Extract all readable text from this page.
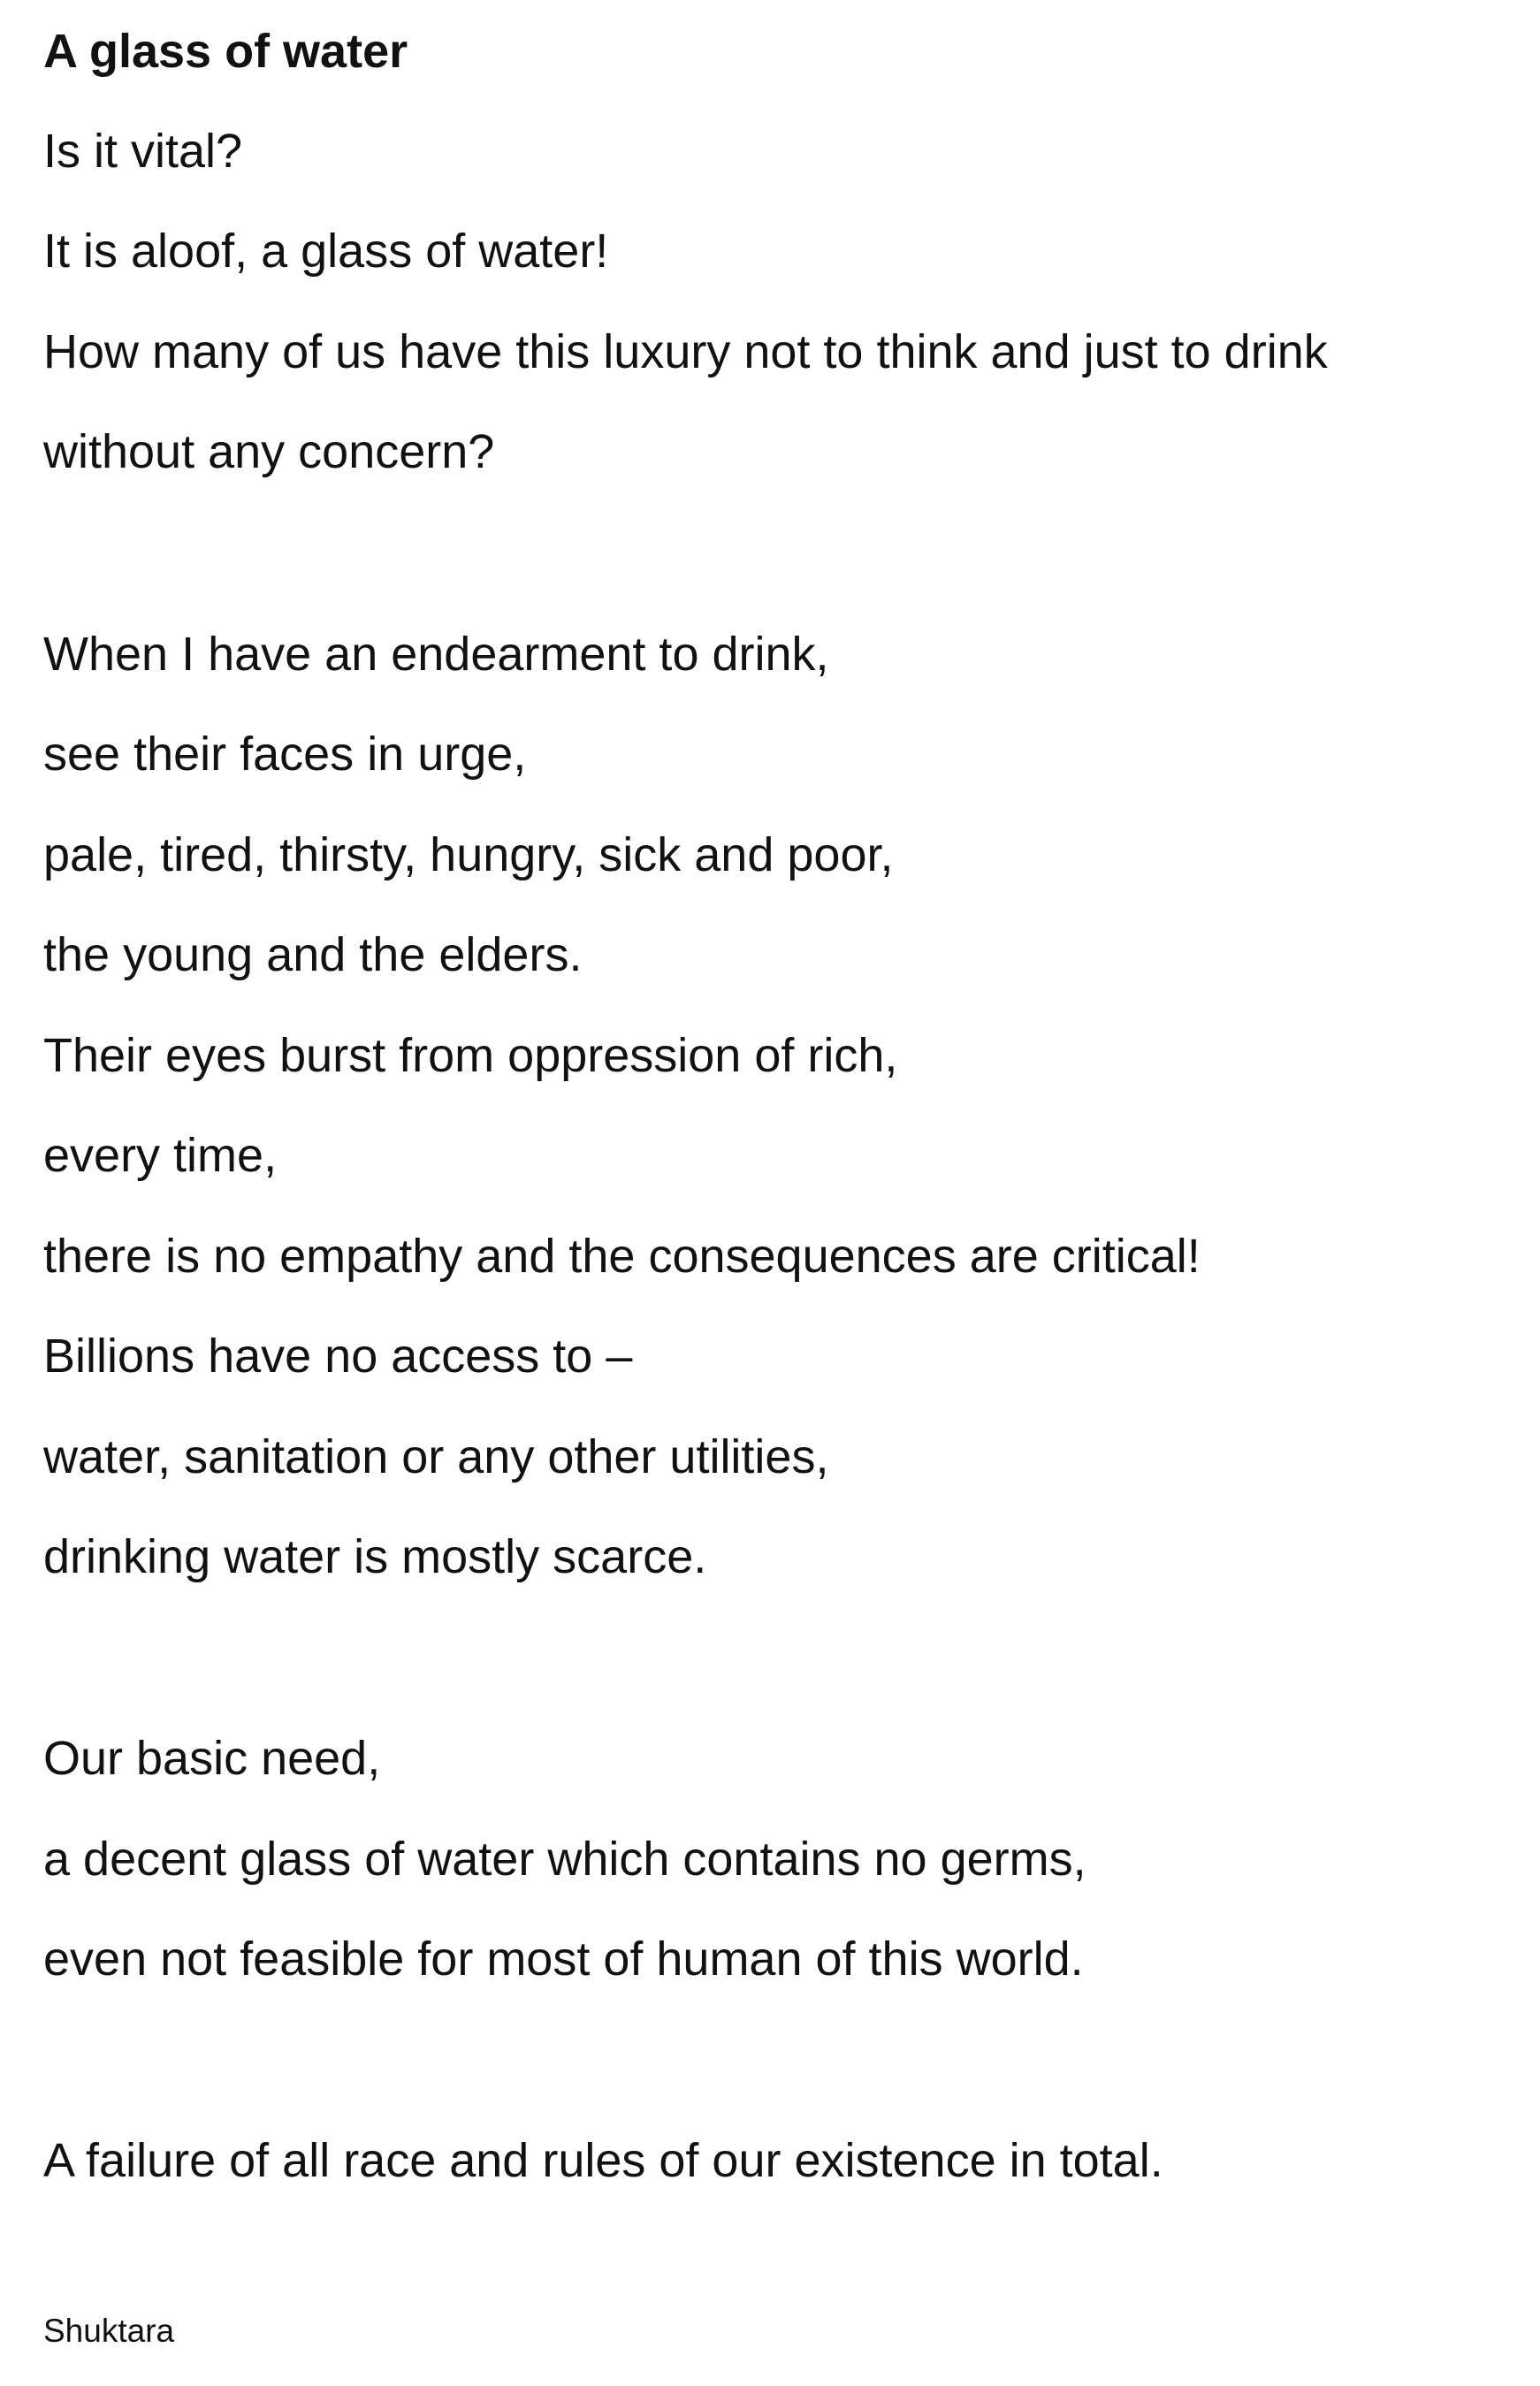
A glass of water

Is it vital?

It is aloof, a glass of water!

How many of us have this luxury not to think and just to drink

without any concern?

When I have an endearment to drink,

see their faces in urge,

pale, tired, thirsty, hungry, sick and poor,

the young and the elders.

Their eyes burst from oppression of rich,

every time,

there is no empathy and the consequences are critical!

Billions have no access to –

water, sanitation or any other utilities,

drinking water is mostly scarce.

Our basic need,

a decent glass of water which contains no germs,

even not feasible for most of human of this world.

A failure of all race and rules of our existence in total.

Shuktara
